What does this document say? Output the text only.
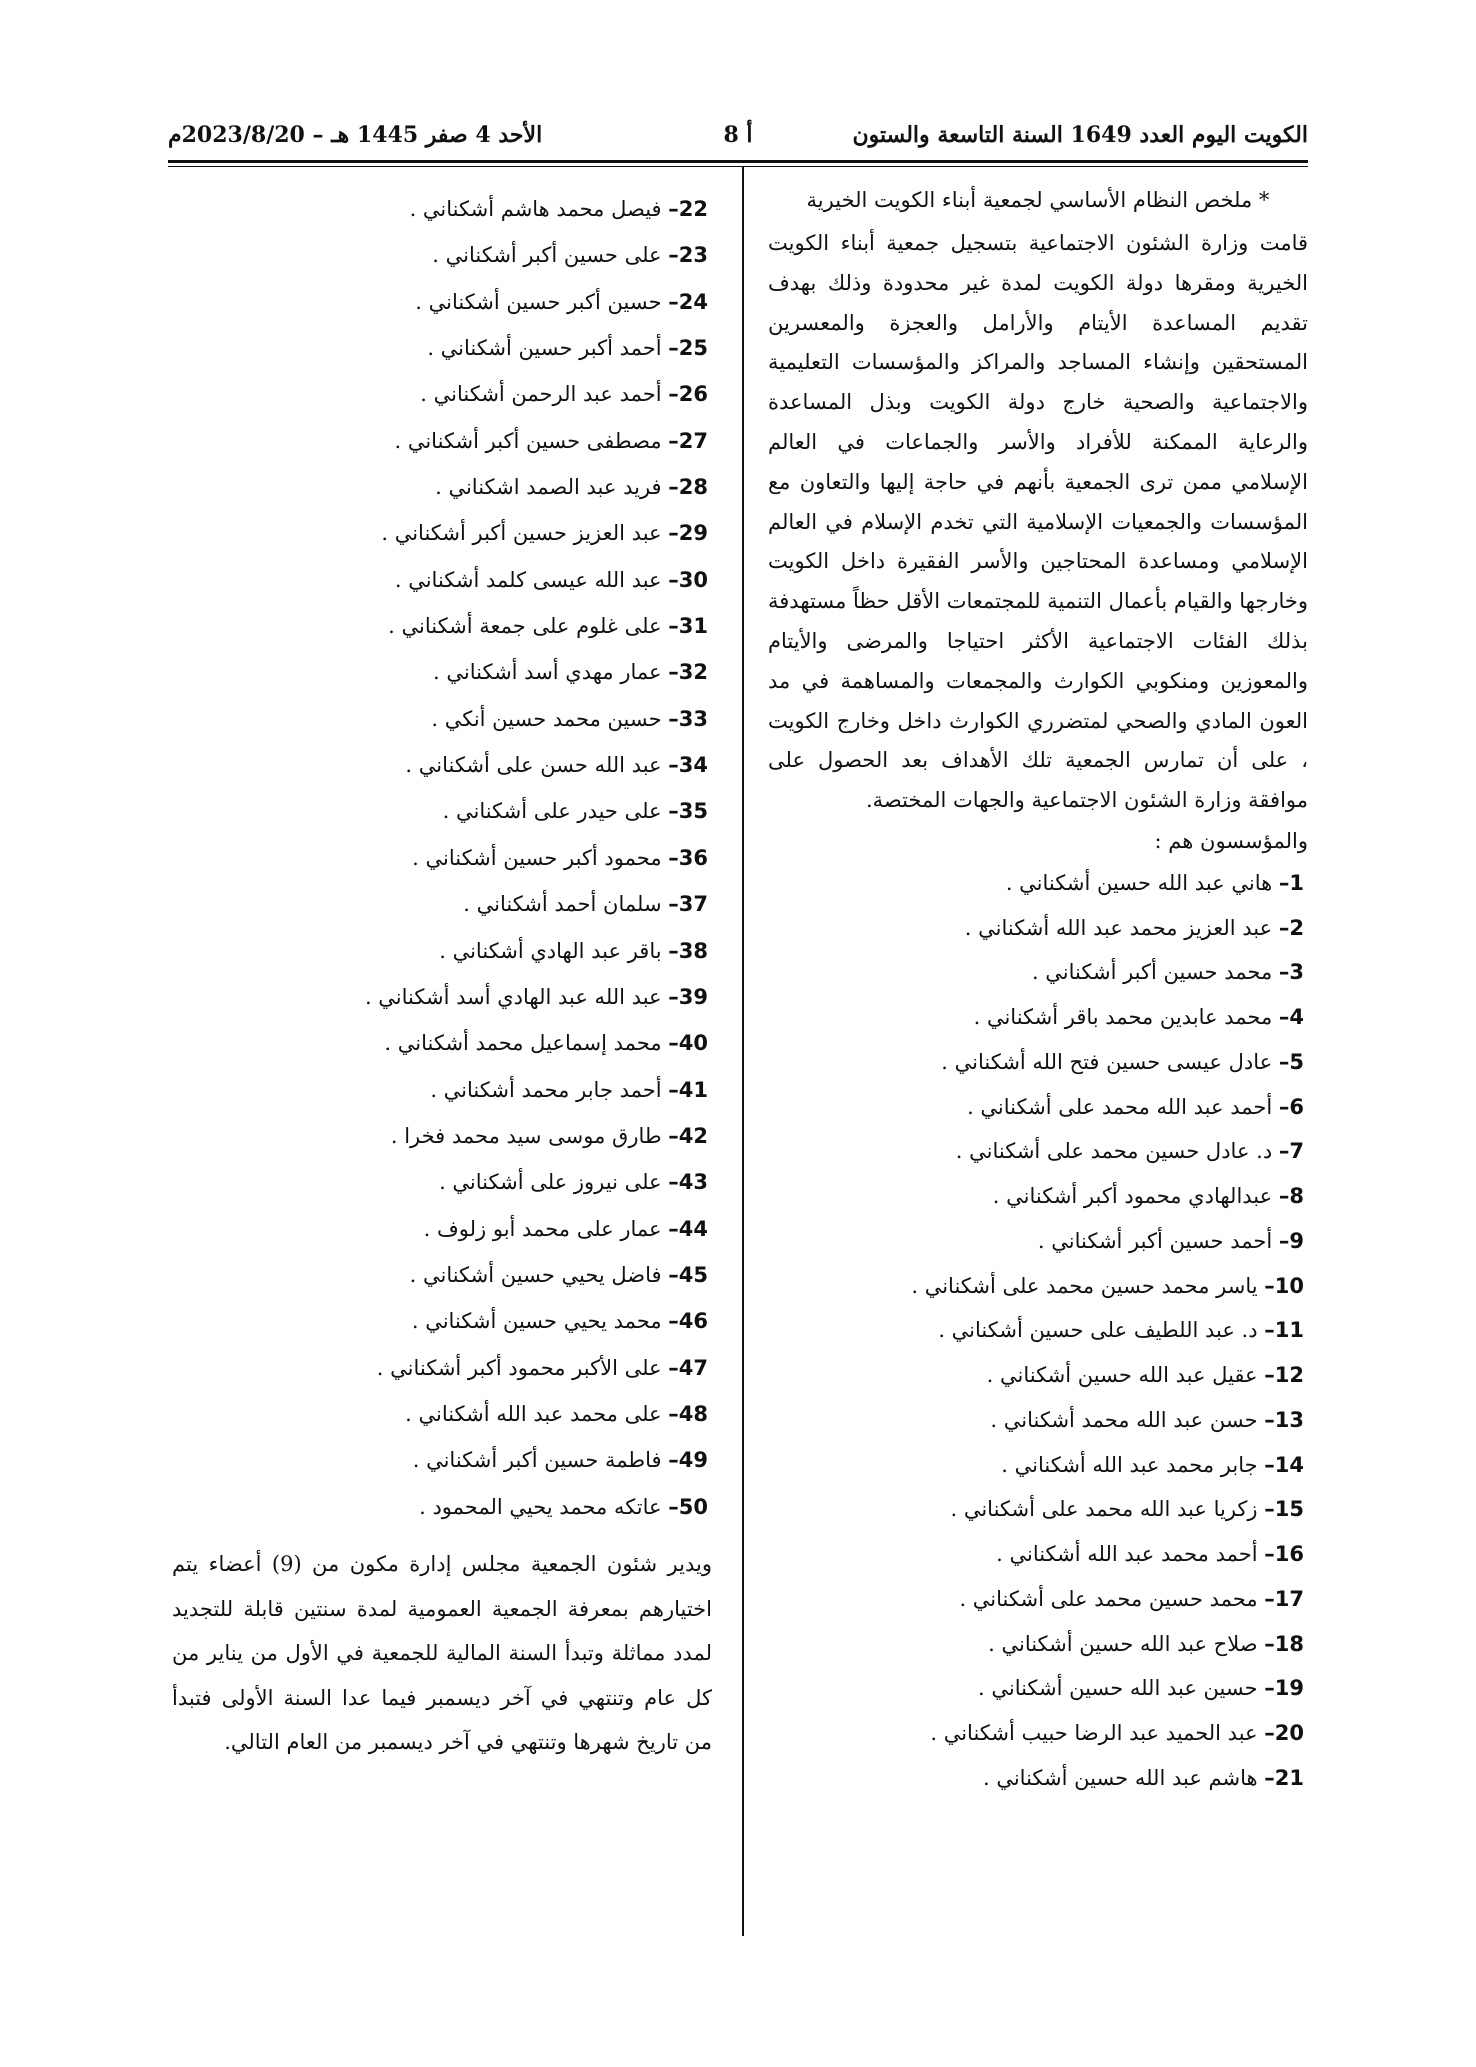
الكويت اليوم العدد 1649 السنة التاسعة والستون
أ 8
الأحد 4 صفر 1445 هـ – 2023/8/20م
* ملخص النظام الأساسي لجمعية أبناء الكويت الخيرية

قامت وزارة الشئون الاجتماعية بتسجيل جمعية أبناء الكويت الخيرية ومقرها دولة الكويت لمدة غير محدودة وذلك بهدف تقديم المساعدة الأيتام والأرامل والعجزة والمعسرين المستحقين وإنشاء المساجد والمراكز والمؤسسات التعليمية والاجتماعية والصحية خارج دولة الكويت وبذل المساعدة والرعاية الممكنة للأفراد والأسر والجماعات في العالم الإسلامي ممن ترى الجمعية بأنهم في حاجة إليها والتعاون مع المؤسسات والجمعيات الإسلامية التي تخدم الإسلام في العالم الإسلامي ومساعدة المحتاجين والأسر الفقيرة داخل الكويت وخارجها والقيام بأعمال التنمية للمجتمعات الأقل حظاً مستهدفة بذلك الفئات الاجتماعية الأكثر احتياجا والمرضى والأيتام والمعوزين ومنكوبي الكوارث والمجمعات والمساهمة في مد العون المادي والصحي لمتضرري الكوارث داخل وخارج الكويت ، على أن تمارس الجمعية تلك الأهداف بعد الحصول على موافقة وزارة الشئون الاجتماعية والجهات المختصة.

والمؤسسون هم :

1– هاني عبد الله حسين أشكناني .
2– عبد العزيز محمد عبد الله أشكناني .
3– محمد حسين أكبر أشكناني .
4– محمد عابدين محمد باقر أشكناني .
5– عادل عيسى حسين فتح الله أشكناني .
6– أحمد عبد الله محمد على أشكناني .
7– د. عادل حسين محمد على أشكناني .
8– عبدالهادي محمود أكبر أشكناني .
9– أحمد حسين أكبر أشكناني .
10– ياسر محمد حسين محمد على أشكناني .
11– د. عبد اللطيف على حسين أشكناني .
12– عقيل عبد الله حسين أشكناني .
13– حسن عبد الله محمد أشكناني .
14– جابر محمد عبد الله أشكناني .
15– زكريا عبد الله محمد على أشكناني .
16– أحمد محمد عبد الله أشكناني .
17– محمد حسين محمد على أشكناني .
18– صلاح عبد الله حسين أشكناني .
19– حسين عبد الله حسين أشكناني .
20– عبد الحميد عبد الرضا حبيب أشكناني .
21– هاشم عبد الله حسين أشكناني .
22– فيصل محمد هاشم أشكناني .
23– على حسين أكبر أشكناني .
24– حسين أكبر حسين أشكناني .
25– أحمد أكبر حسين أشكناني .
26– أحمد عبد الرحمن أشكناني .
27– مصطفى حسين أكبر أشكناني .
28– فريد عبد الصمد اشكناني .
29– عبد العزيز حسين أكبر أشكناني .
30– عبد الله عيسى كلمد أشكناني .
31– على غلوم على جمعة أشكناني .
32– عمار مهدي أسد أشكناني .
33– حسين محمد حسين أنكي .
34– عبد الله حسن على أشكناني .
35– على حيدر على أشكناني .
36– محمود أكبر حسين أشكناني .
37– سلمان أحمد أشكناني .
38– باقر عبد الهادي أشكناني .
39– عبد الله عبد الهادي أسد أشكناني .
40– محمد إسماعيل محمد أشكناني .
41– أحمد جابر محمد أشكناني .
42– طارق موسى سيد محمد فخرا .
43– على نيروز على أشكناني .
44– عمار على محمد أبو زلوف .
45– فاضل يحيي حسين أشكناني .
46– محمد يحيي حسين أشكناني .
47– على الأكبر محمود أكبر أشكناني .
48– على محمد عبد الله أشكناني .
49– فاطمة حسين أكبر أشكناني .
50– عاتكه محمد يحيي المحمود .

ويدير شئون الجمعية مجلس إدارة مكون من (9) أعضاء يتم اختيارهم بمعرفة الجمعية العمومية لمدة سنتين قابلة للتجديد لمدد مماثلة وتبدأ السنة المالية للجمعية في الأول من يناير من كل عام وتنتهي في آخر ديسمبر فيما عدا السنة الأولى فتبدأ من تاريخ شهرها وتنتهي في آخر ديسمبر من العام التالي.
